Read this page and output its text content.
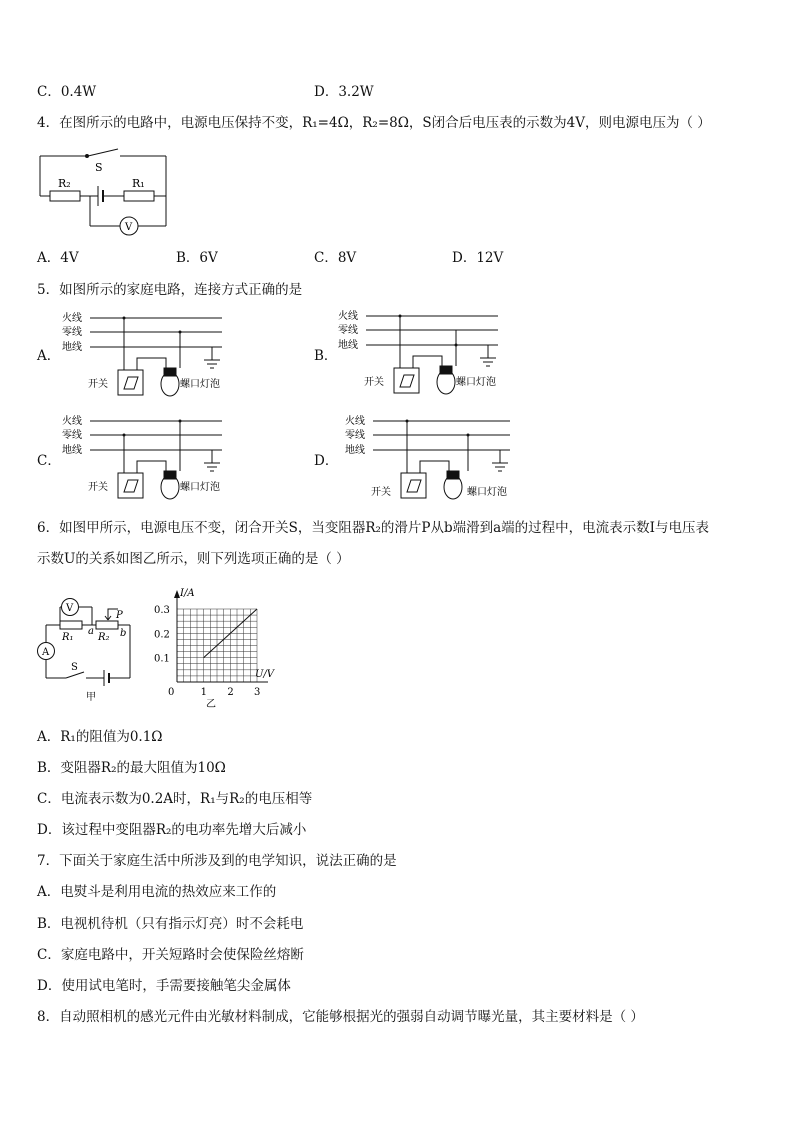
C．0.4W	D．3.2W
4．在图所示的电路中，电源电压保持不变，R₁=4Ω，R₂=8Ω，S闭合后电压表的示数为4V，则电源电压为（ ）
S
R₂	R₁
V
A．4V	B．6V	C．8V	D．12V
5．如图所示的家庭电路，连接方式正确的是
A．
火线
零线
地线
开关	螺口灯泡
B．
火线
零线
地线
开关	螺口灯泡
C．
火线
零线
地线
开关	螺口灯泡
D．
火线
零线
地线
开关	螺口灯泡
6．如图甲所示，电源电压不变，闭合开关S，当变阻器R₂的滑片P从b端滑到a端的过程中，电流表示数I与电压表
示数U的关系如图乙所示，则下列选项正确的是（ ）
V
A
R₁ R₂
P
a	b
S
甲	0	1 2 3
0.1
0.2
0.3
I/A
U/V
乙
A．R₁的阻值为0.1Ω
B．变阻器R₂的最大阻值为10Ω
C．电流表示数为0.2A时，R₁与R₂的电压相等
D．该过程中变阻器R₂的电功率先增大后减小
7．下面关于家庭生活中所涉及到的电学知识，说法正确的是
A．电熨斗是利用电流的热效应来工作的
B．电视机待机（只有指示灯亮）时不会耗电
C．家庭电路中，开关短路时会使保险丝熔断
D．使用试电笔时，手需要接触笔尖金属体
8．自动照相机的感光元件由光敏材料制成，它能够根据光的强弱自动调节曝光量，其主要材料是（ ）
